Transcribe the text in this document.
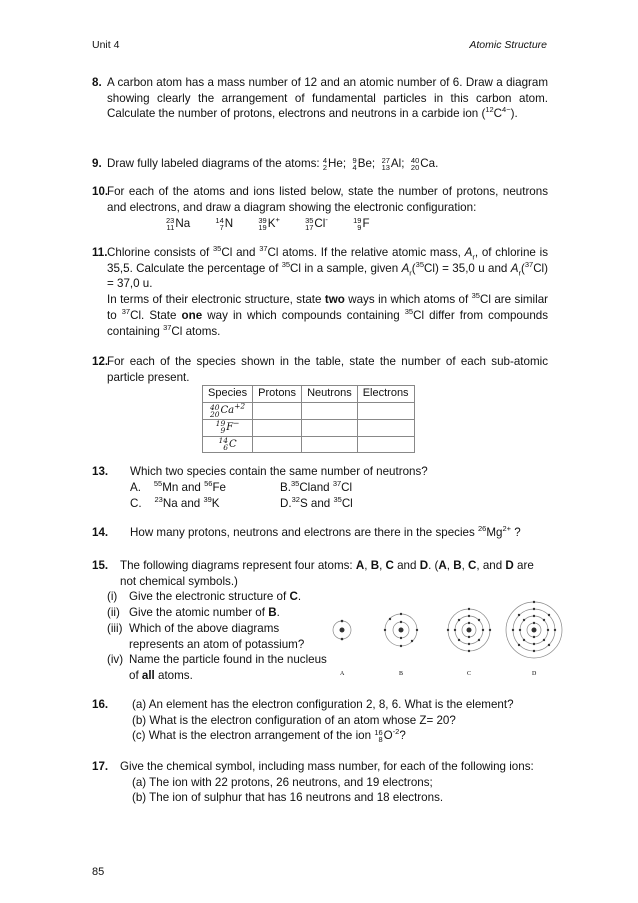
Unit 4	Atomic Structure
8. A carbon atom has a mass number of 12 and an atomic number of 6. Draw a diagram showing clearly the arrangement of fundamental particles in this carbon atom. Calculate the number of protons, electrons and neutrons in a carbide ion $(^{12}C^{4-})$.
9. Draw fully labeled diagrams of the atoms: 4
2 He; 9
4 Be; 27
13 Al; 40
20 Ca.
10.
For each of the atoms and ions listed below, state the number of protons, neutrons and electrons, and draw a diagram showing the electronic configuration:
23
11 Na	14
7 N	39
19 K+	35
17 Cl-	19
9 F
11. Chlorine consists of $^{35}$Cl and $^{37}$Cl atoms. If the relative atomic mass, $A_r$, of chlorine is 35,5. Calculate the percentage of $^{35}$Cl in a sample, given $A_r(^{35}Cl) = 35,0$ u and $A_r(^{37}Cl) = 37,0$ u.

In terms of their electronic structure, state two ways in which atoms of $^{35}$Cl are similar to $^{37}$Cl. State one way in which compounds containing $^{35}$Cl differ from compounds containing $^{37}$Cl atoms.

12.
For each of the species shown in the table, state the number of each sub-atomic particle present.
Species	Protons	Neutrons	Electrons

40
20 $Ca^{+2}$			

19
9 F−			

14
6 C			
13. Which two species contain the same number of neutrons?
A. $^{55}$Mn and $^{56}$Fe	B.$^{35}$Cland $^{37}$Cl
C. $^{23}$Na and $^{39}$K	D.$^{32}$S and $^{35}$Cl
14. How many protons, neutrons and electrons are there in the species $^{26}Mg^{2+}$ ?
15. The following diagrams represent four atoms: A, B, C and D. (A, B, C, and D are not chemical symbols.)
(i)	Give the electronic structure of C.
(ii) Give the atomic number of B.
(iii) Which of the above diagrams represents an atom of potassium?
(iv) Name the particle found in the nucleus of all atoms.	A	B	C	D
16. (a) An element has the electron configuration 2, 8, 6. What is the element?
(b) What is the electron configuration of an atom whose Z= 20?
(c) What is the electron arrangement of the ion 16
8 $O^{-2}$?
17. Give the chemical symbol, including mass number, for each of the following ions:
(a) The ion with 22 protons, 26 neutrons, and 19 electrons;
(b) The ion of sulphur that has 16 neutrons and 18 electrons.
85
